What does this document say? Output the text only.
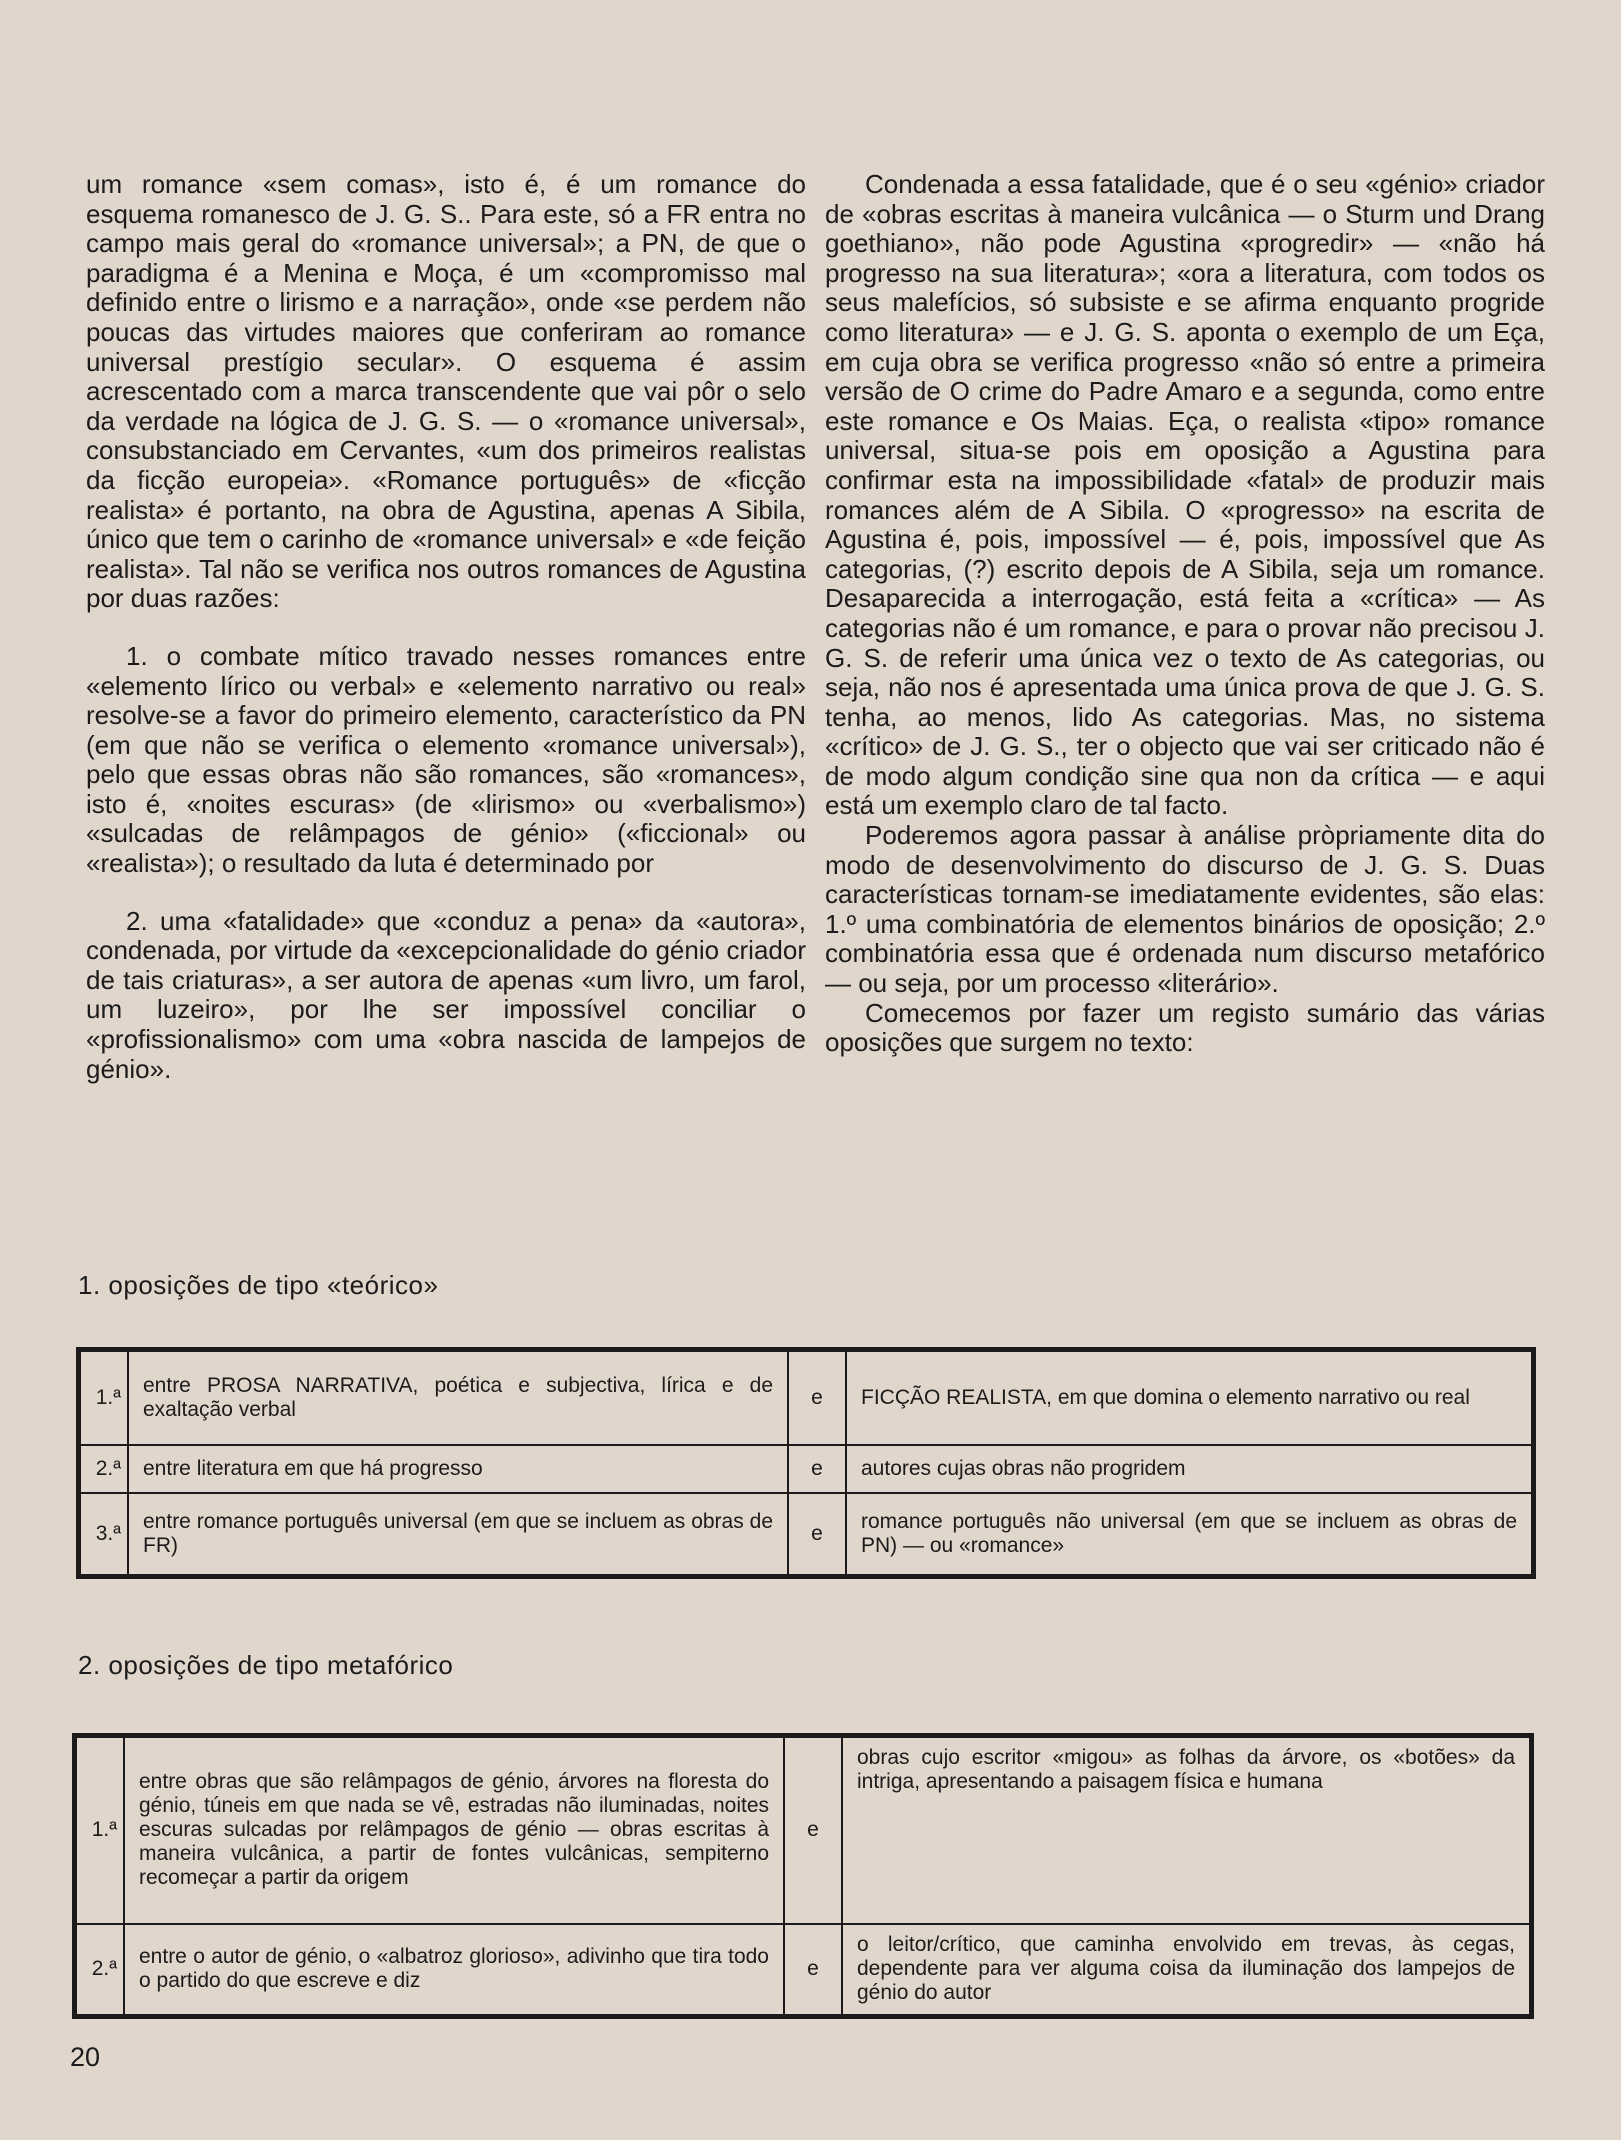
um romance «sem comas», isto é, é um romance do esquema romanesco de J. G. S.. Para este, só a FR entra no campo mais geral do «romance universal»; a PN, de que o paradigma é a Menina e Moça, é um «compromisso mal definido entre o lirismo e a narração», onde «se perdem não poucas das virtudes maiores que conferiram ao romance universal prestígio secular». O esquema é assim acrescentado com a marca transcendente que vai pôr o selo da verdade na lógica de J. G. S. — o «romance universal», consubstanciado em Cervantes, «um dos primeiros realistas da ficção europeia». «Romance português» de «ficção realista» é portanto, na obra de Agustina, apenas A Sibila, único que tem o carinho de «romance universal» e «de feição realista». Tal não se verifica nos outros romances de Agustina por duas razões:

1. o combate mítico travado nesses romances entre «elemento lírico ou verbal» e «elemento narrativo ou real» resolve-se a favor do primeiro elemento, característico da PN (em que não se verifica o elemento «romance universal»), pelo que essas obras não são romances, são «romances», isto é, «noites escuras» (de «lirismo» ou «verbalismo») «sulcadas de relâmpagos de génio» («ficcional» ou «realista»); o resultado da luta é determinado por

2. uma «fatalidade» que «conduz a pena» da «autora», condenada, por virtude da «excepcionalidade do génio criador de tais criaturas», a ser autora de apenas «um livro, um farol, um luzeiro», por lhe ser impossível conciliar o «profissionalismo» com uma «obra nascida de lampejos de génio».

Condenada a essa fatalidade, que é o seu «génio» criador de «obras escritas à maneira vulcânica — o Sturm und Drang goethiano», não pode Agustina «progredir» — «não há progresso na sua literatura»; «ora a literatura, com todos os seus malefícios, só subsiste e se afirma enquanto progride como literatura» — e J. G. S. aponta o exemplo de um Eça, em cuja obra se verifica progresso «não só entre a primeira versão de O crime do Padre Amaro e a segunda, como entre este romance e Os Maias. Eça, o realista «tipo» romance universal, situa-se pois em oposição a Agustina para confirmar esta na impossibilidade «fatal» de produzir mais romances além de A Sibila. O «progresso» na escrita de Agustina é, pois, impossível — é, pois, impossível que As categorias, (?) escrito depois de A Sibila, seja um romance. Desaparecida a interrogação, está feita a «crítica» — As categorias não é um romance, e para o provar não precisou J. G. S. de referir uma única vez o texto de As categorias, ou seja, não nos é apresentada uma única prova de que J. G. S. tenha, ao menos, lido As categorias. Mas, no sistema «crítico» de J. G. S., ter o objecto que vai ser criticado não é de modo algum condição sine qua non da crítica — e aqui está um exemplo claro de tal facto.

Poderemos agora passar à análise pròpriamente dita do modo de desenvolvimento do discurso de J. G. S. Duas características tornam-se imediatamente evidentes, são elas: 1.º uma combinatória de elementos binários de oposição; 2.º combinatória essa que é ordenada num discurso metafórico — ou seja, por um processo «literário».

Comecemos por fazer um registo sumário das várias oposições que surgem no texto:

1. oposições de tipo «teórico»
1.ª	entre PROSA NARRATIVA, poética e subjectiva, lírica e de exaltação verbal	e	FICÇÃO REALISTA, em que domina o elemento narrativo ou real
2.ª	entre literatura em que há progresso	e	autores cujas obras não progridem
3.ª	entre romance português universal (em que se incluem as obras de FR)	e	romance português não universal (em que se incluem as obras de PN) — ou «romance»
2. oposições de tipo metafórico
1.ª	entre obras que são relâmpagos de génio, árvores na floresta do génio, túneis em que nada se vê, estradas não iluminadas, noites escuras sulcadas por relâmpagos de génio — obras escritas à maneira vulcânica, a partir de fontes vulcânicas, sempiterno recomeçar a partir da origem	e	obras cujo escritor «migou» as folhas da árvore, os «botões» da intriga, apresentando a paisagem física e humana
2.ª	entre o autor de génio, o «albatroz glorioso», adivinho que tira todo o partido do que escreve e diz	e	o leitor/crítico, que caminha envolvido em trevas, às cegas, dependente para ver alguma coisa da iluminação dos lampejos de génio do autor
20
